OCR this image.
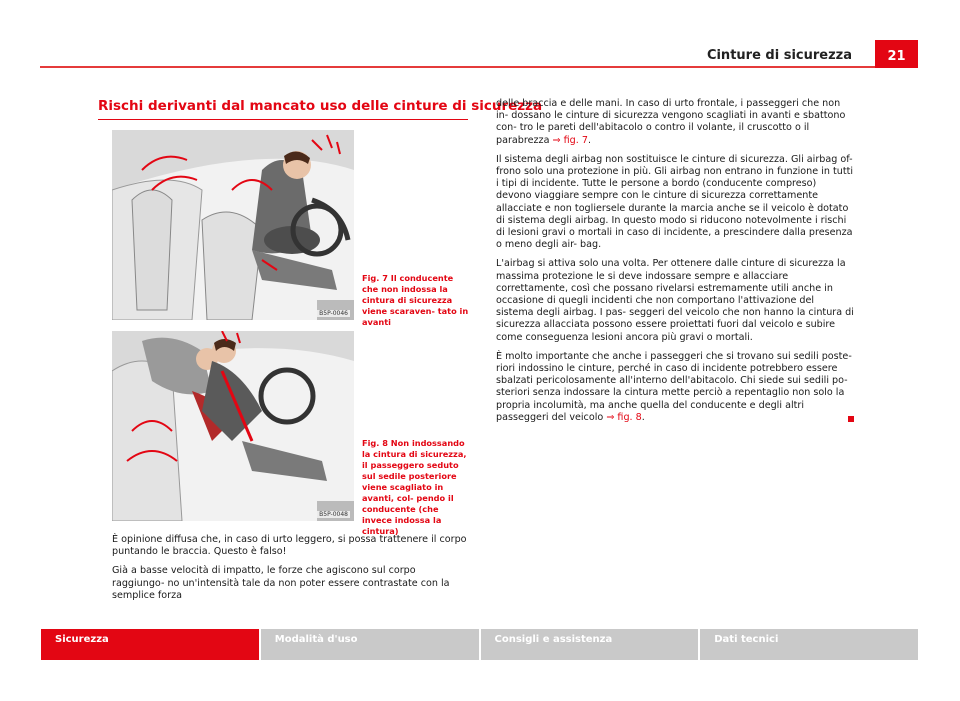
Cinture di sicurezza	21
Rischi derivanti dal mancato uso delle cinture di sicurezza
B5P-0046
Fig. 7 Il conducente che non indossa la cintura di sicurezza viene scaraven- tato in avanti
B5P-0048
Fig. 8 Non indossando la cintura di sicurezza, il passeggero seduto sul sedile posteriore viene scagliato in avanti, col- pendo il conducente (che invece indossa la cintura)

È opinione diffusa che, in caso di urto leggero, si possa trattenere il corpo puntando le braccia. Questo è falso!

Già a basse velocità di impatto, le forze che agiscono sul corpo raggiungo- no un'intensità tale da non poter essere contrastate con la semplice forza

delle braccia e delle mani. In caso di urto frontale, i passeggeri che non in- dossano le cinture di sicurezza vengono scagliati in avanti e sbattono con- tro le pareti dell'abitacolo o contro il volante, il cruscotto o il parabrezza ⇒ fig. 7.

Il sistema degli airbag non sostituisce le cinture di sicurezza. Gli airbag of- frono solo una protezione in più. Gli airbag non entrano in funzione in tutti i tipi di incidente. Tutte le persone a bordo (conducente compreso) devono viaggiare sempre con le cinture di sicurezza correttamente allacciate e non togliersele durante la marcia anche se il veicolo è dotato di sistema degli airbag. In questo modo si riducono notevolmente i rischi di lesioni gravi o mortali in caso di incidente, a prescindere dalla presenza o meno degli air- bag.

L'airbag si attiva solo una volta. Per ottenere dalle cinture di sicurezza la massima protezione le si deve indossare sempre e allacciare correttamente, così che possano rivelarsi estremamente utili anche in occasione di quegli incidenti che non comportano l'attivazione del sistema degli airbag. I pas- seggeri del veicolo che non hanno la cintura di sicurezza allacciata possono essere proiettati fuori dal veicolo e subire come conseguenza lesioni ancora più gravi o mortali.

È molto importante che anche i passeggeri che si trovano sui sedili poste- riori indossino le cinture, perché in caso di incidente potrebbero essere sbalzati pericolosamente all'interno dell'abitacolo. Chi siede sui sedili po- steriori senza indossare la cintura mette perciò a repentaglio non solo la propria incolumità, ma anche quella del conducente e degli altri passeggeri del veicolo ⇒ fig. 8.

Sicurezza	Modalità d'uso	Consigli e assistenza	Dati tecnici
